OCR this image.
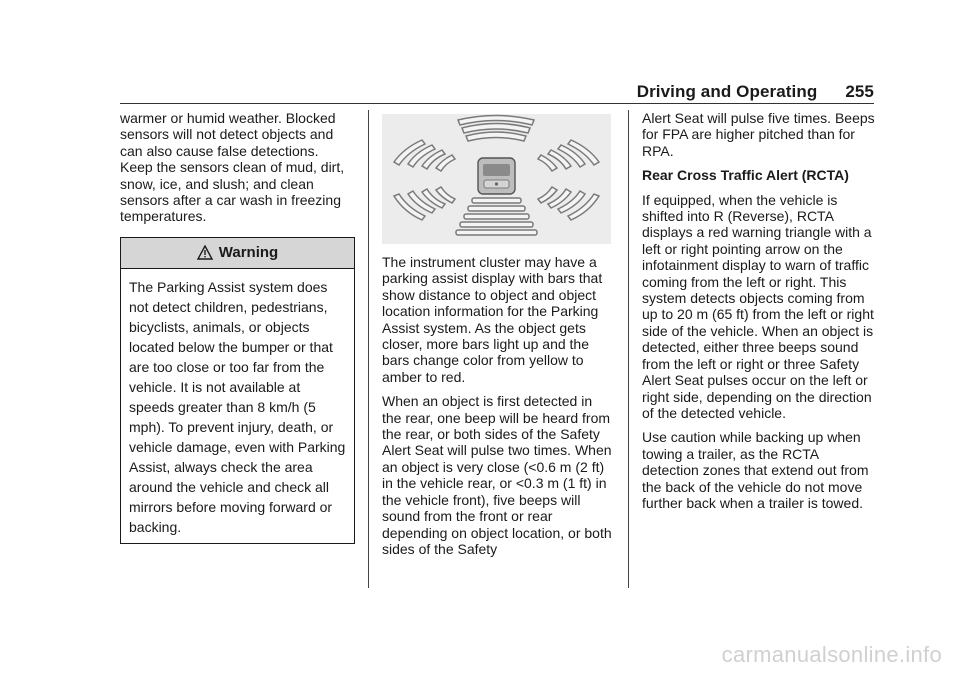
Driving and Operating 255

warmer or humid weather. Blocked sensors will not detect objects and can also cause false detections. Keep the sensors clean of mud, dirt, snow, ice, and slush; and clean sensors after a car wash in freezing temperatures.

Warning
The Parking Assist system does not detect children, pedestrians, bicyclists, animals, or objects located below the bumper or that are too close or too far from the vehicle. It is not available at speeds greater than 8 km/h (5 mph). To prevent injury, death, or vehicle damage, even with Parking Assist, always check the area around the vehicle and check all mirrors before moving forward or backing.

The instrument cluster may have a parking assist display with bars that show distance to object and object location information for the Parking Assist system. As the object gets closer, more bars light up and the bars change color from yellow to amber to red.

When an object is first detected in the rear, one beep will be heard from the rear, or both sides of the Safety Alert Seat will pulse two times. When an object is very close (<0.6 m (2 ft) in the vehicle rear, or <0.3 m (1 ft) in the vehicle front), five beeps will sound from the front or rear depending on object location, or both sides of the Safety

Alert Seat will pulse five times. Beeps for FPA are higher pitched than for RPA.

Rear Cross Traffic Alert (RCTA)

If equipped, when the vehicle is shifted into R (Reverse), RCTA displays a red warning triangle with a left or right pointing arrow on the infotainment display to warn of traffic coming from the left or right. This system detects objects coming from up to 20 m (65 ft) from the left or right side of the vehicle. When an object is detected, either three beeps sound from the left or right or three Safety Alert Seat pulses occur on the left or right side, depending on the direction of the detected vehicle.

Use caution while backing up when towing a trailer, as the RCTA detection zones that extend out from the back of the vehicle do not move further back when a trailer is towed.

carmanualsonline.info
